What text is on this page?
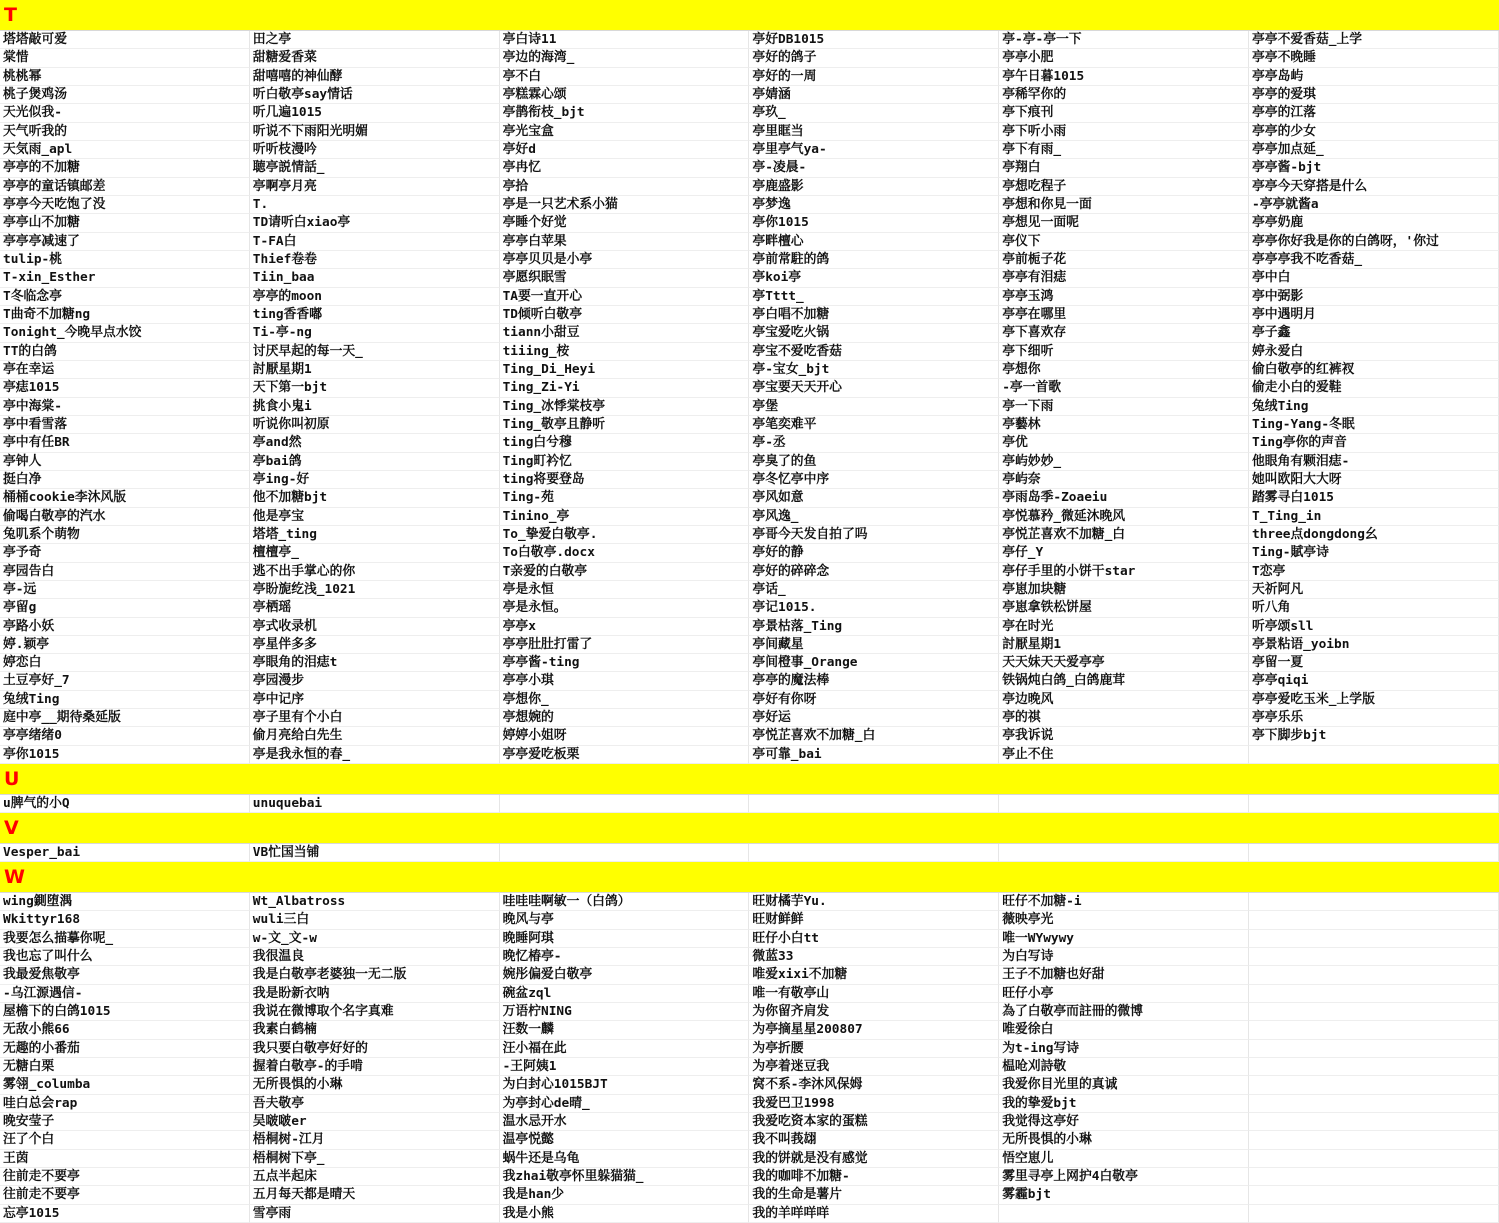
T
塔塔敲可爱	田之亭	亭白诗11	亭好DB1015	亭-亭-亭一下	亭亭不爱香菇_上学
棠惜	甜糖爱香菜	亭边的海湾_	亭好的鸽子	亭亭小肥	亭亭不晚睡
桃桃幂	甜嘻嘻的神仙酵	亭不白	亭好的一周	亭午日暮1015	亭亭岛屿
桃子煲鸡汤	听白敬亭say情话	亭糕霖心颂	亭婧涵	亭稀罕你的	亭亭的爱琪
天光似我-	听几遍1015	亭鹊衔枝_bjt	亭玖_	亭下痕刊	亭亭的江落
天气听我的	听说不下雨阳光明媚	亭光宝盒	亭里眶当	亭下听小雨	亭亭的少女
天気雨_apl	听听枝漫吟	亭好d	亭里亭气ya-	亭下有雨_	亭亭加点延_
亭亭的不加糖	聴亭説情話_	亭冉忆	亭-凌晨-	亭翔白	亭亭酱-bjt
亭亭的童话镇邮差	亭啊亭月亮	亭拾	亭鹿盛影	亭想吃程子	亭亭今天穿搭是什么
亭亭今天吃饱了没	T.	亭是一只艺术系小猫	亭梦逸	亭想和你見一面	-亭亭就酱a
亭亭山不加糖	TD请听白xiao亭	亭睡个好觉	亭你1015	亭想见一面呢	亭亭奶鹿
亭亭亭减速了	T-FA白	亭亭白苹果	亭畔檀心	亭仪下	亭亭你好我是你的白鸽呀，'你过
tulip-桃	Thief卷卷	亭亭贝贝是小亭	亭前常駐的鸽	亭前栀子花	亭亭亭我不吃香菇_
T-xin_Esther	Tiin_baa	亭愿织眠雪	亭koi亭	亭亭有泪痣	亭中白
T冬临念亭	亭亭的moon	TA要一直开心	亭Tttt_	亭亭玉鸿	亭中弼影
T曲奇不加糖ng	ting香香嘟	TD倾听白敬亭	亭白唱不加糖	亭亭在哪里	亭中遇明月
Tonight_今晚早点水饺	Ti-亭-ng	tiann小甜豆	亭宝爱吃火锅	亭下喜欢存	亭子鑫
TT的白鸽	讨厌早起的每一天_	tiiing_桉	亭宝不爱吃香菇	亭下细听	婷永爱白
亭在幸运	討厭星期1	Ting_Di_Heyi	亭-宝女_bjt	亭想你	偷白敬亭的红裤衩
亭痣1015	天下第一bjt	Ting_Zi-Yi	亭宝要天天开心	-亭一首歌	偷走小白的爱鞋
亭中海棠-	挑食小鬼i	Ting_冰悸棠枝亭	亭堡	亭一下雨	兔绒Ting
亭中看雪落	听说你叫初原	Ting_敬亭且静听	亭笔奕难平	亭藝林	Ting-Yang-冬眠
亭中有任BR	亭and然	ting白兮穆	亭-丞	亭优	Ting亭你的声音
亭钟人	亭bai鸽	Ting町衿忆	亭臭了的鱼	亭屿妙妙_	他眼角有颗泪痣-
挺白净	亭ing-好	ting将要登岛	亭冬忆亭中序	亭屿奈	她叫欧阳大大呀
桶桶cookie李沐风版	他不加糖bjt	Ting-苑	亭风如意	亭雨岛季-Zoaeiu	踏雾寻白1015
偷喝白敬亭的汽水	他是亭宝	Tinino_亭	亭风逸_	亭悦慕矜_微延沐晚风	T_Ting_in
兔叽系个萌物	塔塔_ting	To_挚爱白敬亭.	亭哥今天发自拍了吗	亭悦芷喜欢不加糖_白	three点dongdong幺
亭予奇	檀檀亭_	To白敬亭.docx	亭好的静	亭仔_Y	Ting-賦亭诗
亭园告白	逃不出手掌心的你	T亲爱的白敬亭	亭好的碎碎念	亭仔手里的小饼干star	T恋亭
亭-远	亭盼旎纥浅_1021	亭是永恒	亭话_	亭崽加块糖	天祈阿凡
亭留g	亭栖瑶	亭是永恒。	亭记1015.	亭崽拿铁松饼屋	听八角
亭路小妖	亭式收录机	亭亭x	亭景枯落_Ting	亭在时光	听亭颂sll
婷.颖亭	亭星伴多多	亭亭肚肚打雷了	亭间藏星	討厭星期1	亭景粘语_yoibn
婷恋白	亭眼角的泪痣t	亭亭酱-ting	亭间橙事_Orange	天天妹天天爱亭亭	亭留一夏
土豆亭好_7	亭园漫步	亭亭小琪	亭亭的魔法棒	铁锅炖白鸽_白鸽鹿茸	亭亭qiqi
兔绒Ting	亭中记序	亭想你_	亭好有你呀	亭边晚风	亭亭爱吃玉米_上学版
庭中亭__期待桑延版	亭子里有个小白	亭想婉的	亭好运	亭的祺	亭亭乐乐
亭亭绪绪0	偷月亮给白先生	婷婷小姐呀	亭悦芷喜欢不加糖_白	亭我诉说	亭下脚步bjt
亭你1015	亭是我永恒的春_	亭亭爱吃板栗	亭可靠_bai	亭止不住
U
u脾气的小Q	unuquebai
V
Vesper_bai	VB忙国当铺
W
wing鍘堕湡	Wt_Albatross	哇哇哇啊敏一（白鸽）	旺财橘芋Yu.	旺仔不加糖-i
Wkittyr168	wuli三白	晚风与亭	旺财鲜鲜	薇映亭光
我要怎么描摹你呢_	w-文_文-w	晚睡阿琪	旺仔小白tt	唯一WYwywy
我也忘了叫什么	我很温良	晚忆椿亭-	微蓝33	为白写诗
我最爱焦敬亭	我是白敬亭老婆独一无二版	婉彤偏爱白敬亭	唯爱xixi不加糖	王子不加糖也好甜
-乌江源遇信-	我是盼新衣呐	碗盆zql	唯一有敬亭山	旺仔小亭
屋檐下的白鸽1015	我说在微博取个名字真难	万语柠NING	为你留齐肩发	為了白敬亭而註冊的微博
无敌小熊66	我素白鹤楠	汪数一麟	为亭摘星星200807	唯爱徐白
无趣的小番茄	我只要白敬亭好好的	汪小福在此	为亭折腰	为t-ing写诗
无糖白栗	握着白敬亭-的手啃	-王阿姨1	为亭着迷豆我	榅呛刈詩敬
雾翎_columba	无所畏惧的小琳	为白封心1015BJT	窝不系-李沐风保姆	我爱你目光里的真诚
哇白总会rap	吾夫敬亭	为亭封心de晴_	我爱巴卫1998	我的挚爱bjt
晚安莹子	吴啵啵er	温水忌开水	我爱吃资本家的蛋糕	我觉得这亭好
汪了个白	梧桐树-江月	温亭悦懿	我不叫莪翃	无所畏惧的小琳
王茵	梧桐树下亭_	蜗牛还是乌龟	我的饼就是没有感觉	悟空崽儿
往前走不要亭	五点半起床	我zhai敬亭怀里躲猫猫_	我的咖啡不加糖-	雾里寻亭上网护4白敬亭
往前走不要亭	五月每天都是晴天	我是han少	我的生命是薯片	雾霾bjt
忘亭1015	雪亭雨	我是小熊	我的羊咩咩咩
